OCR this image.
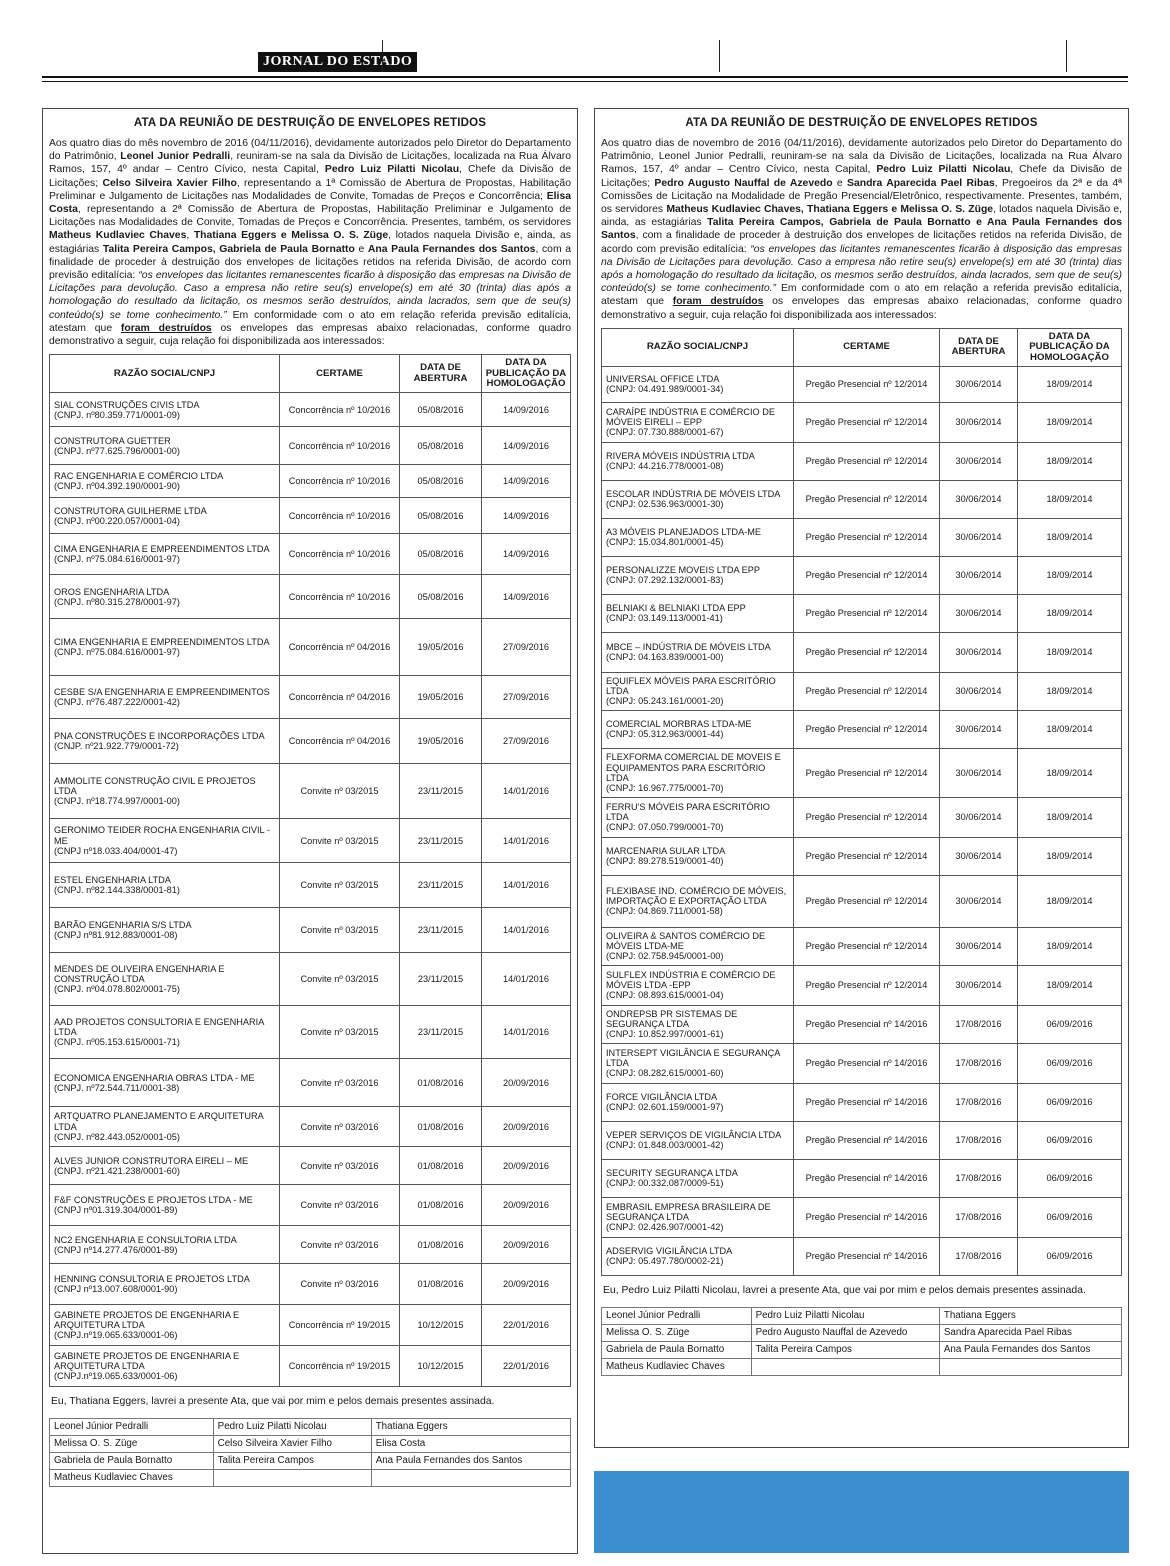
JORNAL DO ESTADO
ATA DA REUNIÃO DE DESTRUIÇÃO DE ENVELOPES RETIDOS

Aos quatro dias do mês novembro de 2016 (04/11/2016), devidamente autorizados pelo Diretor do Departamento do Patrimônio, Leonel Junior Pedralli, reuniram-se na sala da Divisão de Licitações, localizada na Rua Álvaro Ramos, 157, 4º andar – Centro Cívico, nesta Capital, Pedro Luiz Pilatti Nicolau, Chefe da Divisão de Licitações; Celso Silveira Xavier Filho, representando a 1ª Comissão de Abertura de Propostas, Habilitação Preliminar e Julgamento de Licitações nas Modalidades de Convite, Tomadas de Preços e Concorrência; Elisa Costa, representando a 2ª Comissão de Abertura de Propostas, Habilitação Preliminar e Julgamento de Licitações nas Modalidades de Convite, Tomadas de Preços e Concorrência. Presentes, também, os servidores Matheus Kudlaviec Chaves, Thatiana Eggers e Melissa O. S. Züge, lotados naquela Divisão e, ainda, as estagiárias Talita Pereira Campos, Gabriela de Paula Bornatto e Ana Paula Fernandes dos Santos, com a finalidade de proceder à destruição dos envelopes de licitações retidos na referida Divisão, de acordo com previsão editalícia: “os envelopes das licitantes remanescentes ficarão à disposição das empresas na Divisão de Licitações para devolução. Caso a empresa não retire seu(s) envelope(s) em até 30 (trinta) dias após a homologação do resultado da licitação, os mesmos serão destruídos, ainda lacrados, sem que de seu(s) conteúdo(s) se tome conhecimento.” Em conformidade com o ato em relação referida previsão editalícia, atestam que foram destruídos os envelopes das empresas abaixo relacionadas, conforme quadro demonstrativo a seguir, cuja relação foi disponibilizada aos interessados:

RAZÃO SOCIAL/CNPJ	CERTAME	DATA DE ABERTURA	DATA DA PUBLICAÇÃO DA HOMOLOGAÇÃO

SIAL CONSTRUÇÕES CIVIS LTDA
(CNPJ. nº80.359.771/0001-09)	Concorrência nº 10/2016	05/08/2016	14/09/2016

CONSTRUTORA GUETTER
(CNPJ. nº77.625.796/0001-00)	Concorrência nº 10/2016	05/08/2016	14/09/2016

RAC ENGENHARIA E COMÉRCIO LTDA
(CNPJ. nº04.392.190/0001-90)	Concorrência nº 10/2016	05/08/2016	14/09/2016

CONSTRUTORA GUILHERME LTDA
(CNPJ. nº00.220.057/0001-04)	Concorrência nº 10/2016	05/08/2016	14/09/2016

CIMA ENGENHARIA E EMPREENDIMENTOS LTDA
(CNPJ. nº75.084.616/0001-97)	Concorrência nº 10/2016	05/08/2016	14/09/2016

OROS ENGENHARIA LTDA
(CNPJ. nº80.315.278/0001-97)	Concorrência nº 10/2016	05/08/2016	14/09/2016

CIMA ENGENHARIA E EMPREENDIMENTOS LTDA
(CNPJ. nº75.084.616/0001-97)	Concorrência nº 04/2016	19/05/2016	27/09/2016

CESBE S/A ENGENHARIA E EMPREENDIMENTOS
(CNPJ. nº76.487.222/0001-42)	Concorrência nº 04/2016	19/05/2016	27/09/2016

PNA CONSTRUÇÕES E INCORPORAÇÕES LTDA
(CNJP. nº21.922.779/0001-72)	Concorrência nº 04/2016	19/05/2016	27/09/2016

AMMOLITE CONSTRUÇÃO CIVIL E PROJETOS LTDA
(CNPJ. nº18.774.997/0001-00)	Convite nº 03/2015	23/11/2015	14/01/2016

GERONIMO TEIDER ROCHA ENGENHARIA CIVIL - ME
(CNPJ nº18.033.404/0001-47)	Convite nº 03/2015	23/11/2015	14/01/2016

ESTEL ENGENHARIA LTDA
(CNPJ. nº82.144.338/0001-81)	Convite nº 03/2015	23/11/2015	14/01/2016

BARÃO ENGENHARIA S/S LTDA
(CNPJ nº81.912.883/0001-08)	Convite nº 03/2015	23/11/2015	14/01/2016

MENDES DE OLIVEIRA ENGENHARIA E CONSTRUÇÃO LTDA
(CNPJ. nº04.078.802/0001-75)	Convite nº 03/2015	23/11/2015	14/01/2016

AAD PROJETOS CONSULTORIA E ENGENHARIA LTDA
(CNPJ. nº05.153.615/0001-71)	Convite nº 03/2015	23/11/2015	14/01/2016

ECONOMICA ENGENHARIA OBRAS LTDA - ME
(CNPJ. nº72.544.711/0001-38)	Convite nº 03/2016	01/08/2016	20/09/2016

ARTQUATRO PLANEJAMENTO E ARQUITETURA LTDA
(CNPJ. nº82.443.052/0001-05)	Convite nº 03/2016	01/08/2016	20/09/2016

ALVES JUNIOR CONSTRUTORA EIRELI – ME
(CNPJ. nº21.421.238/0001-60)	Convite nº 03/2016	01/08/2016	20/09/2016

F&F CONSTRUÇÕES E PROJETOS LTDA - ME
(CNPJ nº01.319.304/0001-89)	Convite nº 03/2016	01/08/2016	20/09/2016

NC2 ENGENHARIA E CONSULTORIA LTDA
(CNPJ nº14.277.476/0001-89)	Convite nº 03/2016	01/08/2016	20/09/2016

HENNING CONSULTORIA E PROJETOS LTDA
(CNPJ nº13.007.608/0001-90)	Convite nº 03/2016	01/08/2016	20/09/2016

GABINETE PROJETOS DE ENGENHARIA E ARQUITETURA LTDA
(CNPJ.nº19.065.633/0001-06)	Concorrência nº 19/2015	10/12/2015	22/01/2016

GABINETE PROJETOS DE ENGENHARIA E ARQUITETURA LTDA
(CNPJ.nº19.065.633/0001-06)	Concorrência nº 19/2015	10/12/2015	22/01/2016
Eu, Thatiana Eggers, lavrei a presente Ata, que vai por mim e pelos demais presentes assinada.
Leonel Júnior Pedralli	Pedro Luiz Pilatti Nicolau	Thatiana Eggers
Melissa O. S. Züge	Celso Silveira Xavier Filho	Elisa Costa
Gabriela de Paula Bornatto	Talita Pereira Campos	Ana Paula Fernandes dos Santos
Matheus Kudlaviec Chaves		
ATA DA REUNIÃO DE DESTRUIÇÃO DE ENVELOPES RETIDOS

Aos quatro dias de novembro de 2016 (04/11/2016), devidamente autorizados pelo Diretor do Departamento do Patrimônio, Leonel Junior Pedralli, reuniram-se na sala da Divisão de Licitações, localizada na Rua Álvaro Ramos, 157, 4º andar – Centro Cívico, nesta Capital, Pedro Luiz Pilatti Nicolau, Chefe da Divisão de Licitações; Pedro Augusto Nauffal de Azevedo e Sandra Aparecida Pael Ribas, Pregoeiros da 2ª e da 4ª Comissões de Licitação na Modalidade de Pregão Presencial/Eletrônico, respectivamente. Presentes, também, os servidores Matheus Kudlaviec Chaves, Thatiana Eggers e Melissa O. S. Züge, lotados naquela Divisão e, ainda, as estagiárias Talita Pereira Campos, Gabriela de Paula Bornatto e Ana Paula Fernandes dos Santos, com a finalidade de proceder à destruição dos envelopes de licitações retidos na referida Divisão, de acordo com previsão editalícia: “os envelopes das licitantes remanescentes ficarão à disposição das empresas na Divisão de Licitações para devolução. Caso a empresa não retire seu(s) envelope(s) em até 30 (trinta) dias após a homologação do resultado da licitação, os mesmos serão destruídos, ainda lacrados, sem que de seu(s) conteúdo(s) se tome conhecimento.” Em conformidade com o ato em relação a referida previsão editalícia, atestam que foram destruídos os envelopes das empresas abaixo relacionadas, conforme quadro demonstrativo a seguir, cuja relação foi disponibilizada aos interessados:

RAZÃO SOCIAL/CNPJ	CERTAME	DATA DE ABERTURA	DATA DA PUBLICAÇÃO DA HOMOLOGAÇÃO

UNIVERSAL OFFICE LTDA
(CNPJ: 04.491.989/0001-34)	Pregão Presencial nº 12/2014	30/06/2014	18/09/2014

CARAÍPE INDÚSTRIA E COMÉRCIO DE MÓVEIS EIRELI – EPP
(CNPJ: 07.730.888/0001-67)	Pregão Presencial nº 12/2014	30/06/2014	18/09/2014

RIVERA MÓVEIS INDÚSTRIA LTDA
(CNPJ: 44.216.778/0001-08)	Pregão Presencial nº 12/2014	30/06/2014	18/09/2014

ESCOLAR INDÚSTRIA DE MÓVEIS LTDA (CNPJ: 02.536.963/0001-30)	Pregão Presencial nº 12/2014	30/06/2014	18/09/2014

A3 MÓVEIS PLANEJADOS LTDA-ME
(CNPJ: 15.034.801/0001-45)	Pregão Presencial nº 12/2014	30/06/2014	18/09/2014

PERSONALIZZE MOVEIS LTDA EPP
(CNPJ: 07.292.132/0001-83)	Pregão Presencial nº 12/2014	30/06/2014	18/09/2014

BELNIAKI & BELNIAKI LTDA EPP
(CNPJ: 03.149.113/0001-41)	Pregão Presencial nº 12/2014	30/06/2014	18/09/2014

MBCE – INDÚSTRIA DE MÓVEIS LTDA
(CNPJ: 04.163.839/0001-00)	Pregão Presencial nº 12/2014	30/06/2014	18/09/2014

EQUIFLEX MÓVEIS PARA ESCRITÓRIO LTDA
(CNPJ: 05.243.161/0001-20)	Pregão Presencial nº 12/2014	30/06/2014	18/09/2014

COMERCIAL MORBRAS LTDA-ME
(CNPJ: 05.312.963/0001-44)	Pregão Presencial nº 12/2014	30/06/2014	18/09/2014

FLEXFORMA COMERCIAL DE MOVEIS E EQUIPAMENTOS PARA ESCRITÓRIO LTDA
(CNPJ: 16.967.775/0001-70)	Pregão Presencial nº 12/2014	30/06/2014	18/09/2014

FERRU'S MÓVEIS PARA ESCRITÓRIO LTDA
(CNPJ: 07.050.799/0001-70)	Pregão Presencial nº 12/2014	30/06/2014	18/09/2014

MARCENARIA SULAR LTDA
(CNPJ: 89.278.519/0001-40)	Pregão Presencial nº 12/2014	30/06/2014	18/09/2014

FLEXIBASE IND. COMÉRCIO DE MÓVEIS, IMPORTAÇÃO E EXPORTAÇÃO LTDA
(CNPJ: 04.869.711/0001-58)	Pregão Presencial nº 12/2014	30/06/2014	18/09/2014

OLIVEIRA & SANTOS COMÉRCIO DE MÓVEIS LTDA-ME
(CNPJ: 02.758.945/0001-00)	Pregão Presencial nº 12/2014	30/06/2014	18/09/2014

SULFLEX INDÚSTRIA E COMÉRCIO DE MÓVEIS LTDA -EPP
(CNPJ: 08.893.615/0001-04)	Pregão Presencial nº 12/2014	30/06/2014	18/09/2014

ONDREPSB PR SISTEMAS DE SEGURANÇA LTDA
(CNPJ: 10.852.997/0001-61)	Pregão Presencial nº 14/2016	17/08/2016	06/09/2016

INTERSEPT VIGILÂNCIA E SEGURANÇA LTDA
(CNPJ: 08.282.615/0001-60)	Pregão Presencial nº 14/2016	17/08/2016	06/09/2016

FORCE VIGILÂNCIA LTDA
(CNPJ: 02.601.159/0001-97)	Pregão Presencial nº 14/2016	17/08/2016	06/09/2016

VEPER SERVIÇOS DE VIGILÂNCIA LTDA
(CNPJ: 01.848.003/0001-42)	Pregão Presencial nº 14/2016	17/08/2016	06/09/2016

SECURITY SEGURANÇA LTDA
(CNPJ: 00.332.087/0009-51)	Pregão Presencial nº 14/2016	17/08/2016	06/09/2016

EMBRASIL EMPRESA BRASILEIRA DE SEGURANÇA LTDA
(CNPJ: 02.426.907/0001-42)	Pregão Presencial nº 14/2016	17/08/2016	06/09/2016

ADSERVIG VIGILÂNCIA LTDA
(CNPJ: 05.497.780/0002-21)	Pregão Presencial nº 14/2016	17/08/2016	06/09/2016
Eu, Pedro Luiz Pilatti Nicolau, lavrei a presente Ata, que vai por mim e pelos demais presentes assinada.
Leonel Júnior Pedralli	Pedro Luiz Pilatti Nicolau	Thatiana Eggers
Melissa O. S. Züge	Pedro Augusto Nauffal de Azevedo	Sandra Aparecida Pael Ribas
Gabriela de Paula Bornatto	Talita Pereira Campos	Ana Paula Fernandes dos Santos
Matheus Kudlaviec Chaves		
